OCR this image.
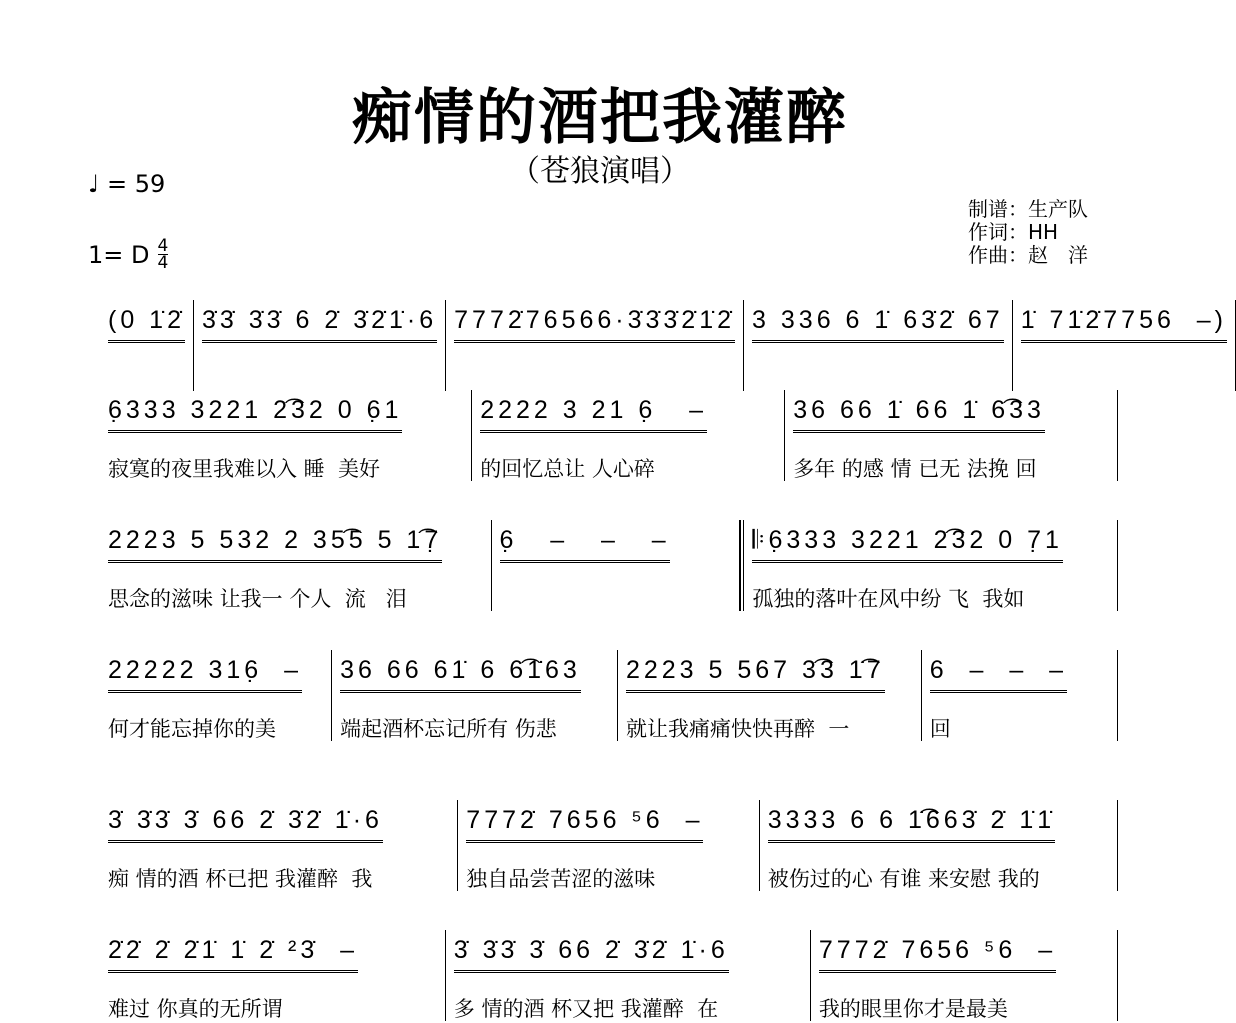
痴情的酒把我灌醉
（苍狼演唱）
♩ = 59
1= D $\frac{4}{4}$
制谱：生产队
作词：HH
作曲：赵　洋
(0 1̇2̇ 3̇3̇ 3̇3̇ 6 2̇ 3̇2̇1̇·6 7772̇76566·3̇3̇3̇2̇1̇2̇ 3 336 6 1̇ 63̇2̇ 67 1̇ 71̇2̇7756  –)
6̣333 3221 2͡32 0 6̣1
寂寞的夜里我难以入 睡  美好
2222 3 21 6̣   –
的回忆总让 人心碎
36 66 1̇ 66 1̇ 6͡33
多年 的感 情 已无 法挽 回
2223 5 532 2 35͡5 5 1͡7̣
思念的滋味 让我一 个人  流   泪
6̣   –   –   –	𝄆6̣333 3221 2͡32 0 7̣1
孤独的落叶在风中纷 飞  我如
22222 316̣  –
何才能忘掉你的美
36 66 61̇ 6 6͡1̇63
端起酒杯忘记所有 伤悲
2223 5 567 3͡3 1̇͡7
就让我痛痛快快再醉  一
6  –  –  –
回
3̇ 3̇3̇ 3̇ 66 2̇ 3̇2̇ 1̇·6
痴 情的酒 杯已把 我灌醉  我
7772̇ 7656 ⁵6  –
独自品尝苦涩的滋味
3333 6 6 1̇͡663̇ 2̇ 1̇1̇
被伤过的心 有谁 来安慰 我的
2̇2̇ 2̇ 2̇1̇ 1̇ 2̇ ²3̇  –
难过 你真的无所谓
3̇ 3̇3̇ 3̇ 66 2̇ 3̇2̇ 1̇·6
多 情的酒 杯又把 我灌醉  在
7772̇ 7656 ⁵6  –
我的眼里你才是最美
